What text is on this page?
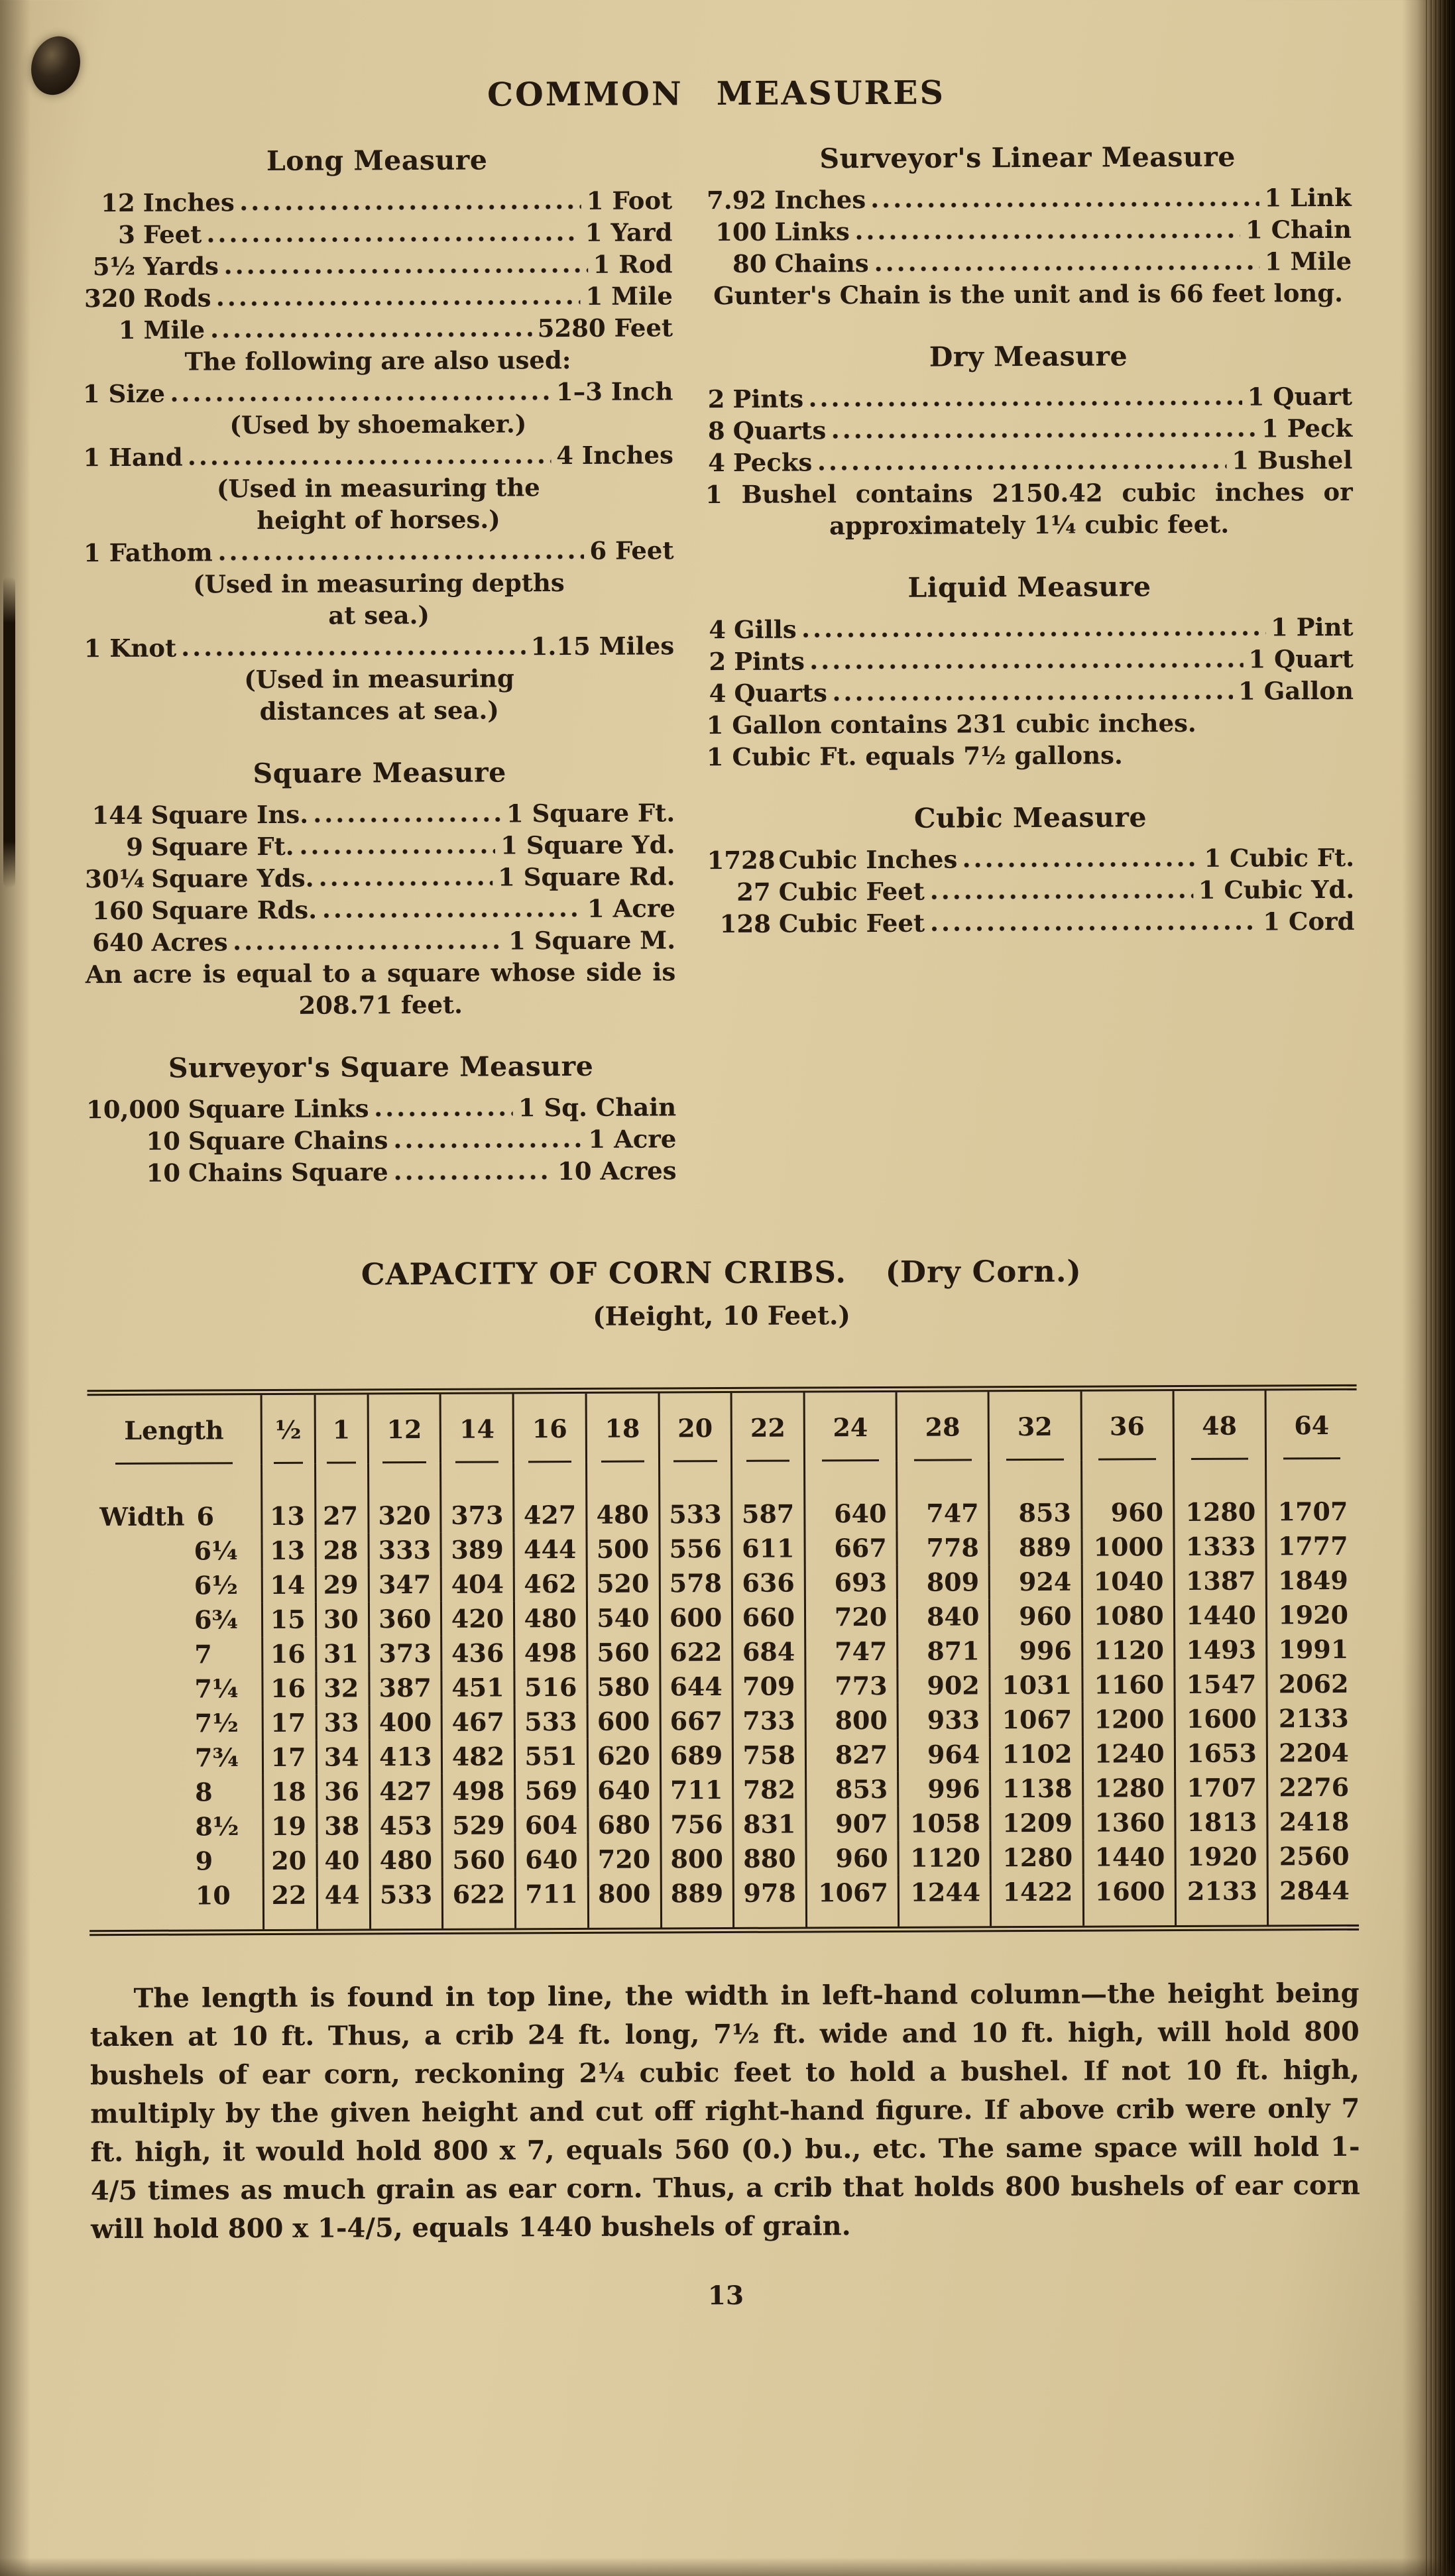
COMMON MEASURES
Long Measure
12 Inches	1 Foot
3 Feet	1 Yard
5½ Yards	1 Rod
320 Rods	1 Mile
1 Mile	5280 Feet
The following are also used:
1 Size	1–3 Inch
(Used by shoemaker.)
1 Hand	4 Inches
(Used in measuring the height of horses.)
1 Fathom	6 Feet
(Used in measuring depths at sea.)
1 Knot	1.15 Miles
(Used in measuring distances at sea.)
Square Measure
144 Square Ins.	1 Square Ft.
9 Square Ft.	1 Square Yd.
30¼ Square Yds.	1 Square Rd.
160 Square Rds.	1 Acre
640 Acres	1 Square M.
An acre is equal to a square whose side is 208.71 feet.
Surveyor's Square Measure
10,000 Square Links	1 Sq. Chain
10 Square Chains	1 Acre
10 Chains Square	10 Acres
Surveyor's Linear Measure
7.92 Inches	1 Link
100 Links	1 Chain
80 Chains	1 Mile
Gunter's Chain is the unit and is 66 feet long.
Dry Measure
2 Pints	1 Quart
8 Quarts	1 Peck
4 Pecks	1 Bushel
1 Bushel contains 2150.42 cubic inches or approximately 1¼ cubic feet.
Liquid Measure
4 Gills	1 Pint
2 Pints	1 Quart
4 Quarts	1 Gallon
1 Gallon contains 231 cubic inches.
1 Cubic Ft. equals 7½ gallons.
Cubic Measure
1728 Cubic Inches	1 Cubic Ft.
27 Cubic Feet	1 Cubic Yd.
128 Cubic Feet	1 Cord
CAPACITY OF CORN CRIBS. (Dry Corn.)
(Height, 10 Feet.)
Length	½	1	12	14	16	18	20	22	24	28	32	36	48	64
Width 6	13	27	320	373	427	480	533	587	640	747	853	960	1280	1707
6¼	13	28	333	389	444	500	556	611	667	778	889	1000	1333	1777
6½	14	29	347	404	462	520	578	636	693	809	924	1040	1387	1849
6¾	15	30	360	420	480	540	600	660	720	840	960	1080	1440	1920
7	16	31	373	436	498	560	622	684	747	871	996	1120	1493	1991
7¼	16	32	387	451	516	580	644	709	773	902	1031	1160	1547	2062
7½	17	33	400	467	533	600	667	733	800	933	1067	1200	1600	2133
7¾	17	34	413	482	551	620	689	758	827	964	1102	1240	1653	2204
8	18	36	427	498	569	640	711	782	853	996	1138	1280	1707	2276
8½	19	38	453	529	604	680	756	831	907	1058	1209	1360	1813	2418
9	20	40	480	560	640	720	800	880	960	1120	1280	1440	1920	2560
10	22	44	533	622	711	800	889	978	1067	1244	1422	1600	2133	2844

The length is found in top line, the width in left-hand column—the height being taken at 10 ft. Thus, a crib 24 ft. long, 7½ ft. wide and 10 ft. high, will hold 800 bushels of ear corn, reckoning 2¼ cubic feet to hold a bushel. If not 10 ft. high, multiply by the given height and cut off right-hand figure. If above crib were only 7 ft. high, it would hold 800 x 7, equals 560 (0.) bu., etc. The same space will hold 1-4/5 times as much grain as ear corn. Thus, a crib that holds 800 bushels of ear corn will hold 800 x 1-4/5, equals 1440 bushels of grain.

13
